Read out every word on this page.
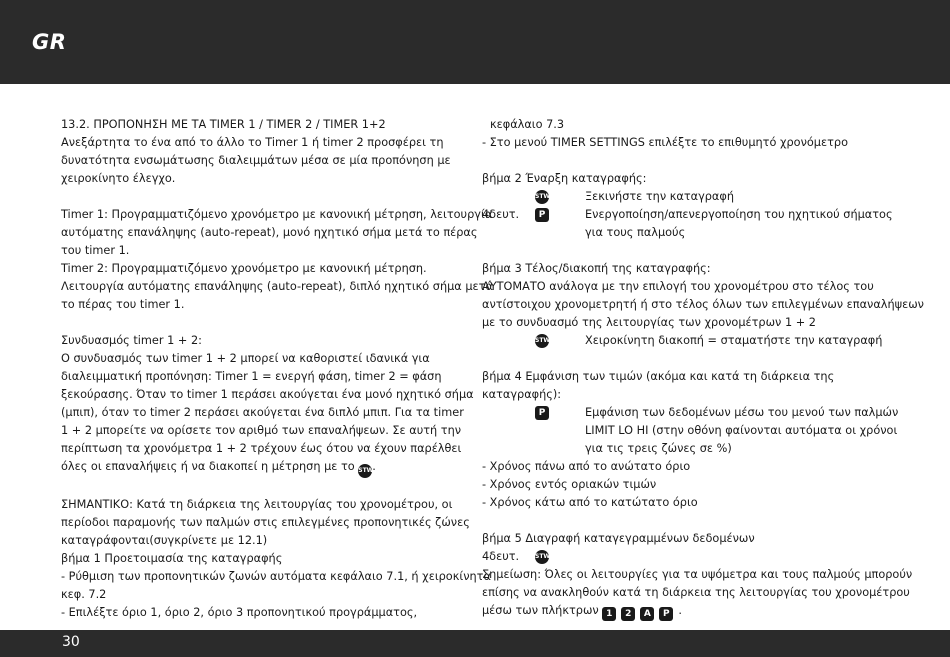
GR

13.2. ΠΡΟΠΟΝΗΣΗ ΜΕ ΤΑ TIMER 1 / TIMER 2 / TIMER 1+2

Ανεξάρτητα το ένα από το άλλο το Timer 1 ή timer 2 προσφέρει τη

δυνατότητα ενσωμάτωσης διαλειμμάτων μέσα σε μία προπόνηση με

χειροκίνητο έλεγχο.

Timer 1: Προγραμματιζόμενο χρονόμετρο με κανονική μέτρηση, λειτουργία

αυτόματης επανάληψης (auto-repeat), μονό ηχητικό σήμα μετά το πέρας

του timer 1.

Timer 2: Προγραμματιζόμενο χρονόμετρο με κανονική μέτρηση.

Λειτουργία αυτόματης επανάληψης (auto-repeat), διπλό ηχητικό σήμα μετά

το πέρας του timer 1.

Συνδυασμός timer 1 + 2:

Ο συνδυασμός των timer 1 + 2 μπορεί να καθοριστεί ιδανικά για

διαλειμματική προπόνηση: Timer 1 = ενεργή φάση, timer 2 = φάση

ξεκούρασης. Όταν το timer 1 περάσει ακούγεται ένα μονό ηχητικό σήμα

(μπιπ), όταν το timer 2 περάσει ακούγεται ένα διπλό μπιπ. Για τα timer

1 + 2 μπορείτε να ορίσετε τον αριθμό των επαναλήψεων. Σε αυτή την

περίπτωση τα χρονόμετρα 1 + 2 τρέχουν έως ότου να έχουν παρέλθει

όλες οι επαναλήψεις ή να διακοπεί η μέτρηση με το STW.

ΣΗΜΑΝΤΙΚΟ: Κατά τη διάρκεια της λειτουργίας του χρονομέτρου, οι

περίοδοι παραμονής των παλμών στις επιλεγμένες προπονητικές ζώνες

καταγράφονται(συγκρίνετε με 12.1)

βήμα 1 Προετοιμασία της καταγραφής

- Ρύθμιση των προπονητικών ζωνών αυτόματα κεφάλαιο 7.1, ή χειροκίνητα

κεφ. 7.2

- Επιλέξτε όριο 1, όριο 2, όριο 3 προπονητικού προγράμματος,

κεφάλαιο 7.3

- Στο μενού TIMER SETTINGS επιλέξτε το επιθυμητό χρονόμετρο

βήμα 2 Έναρξη καταγραφής:

STW	Ξεκινήστε την καταγραφή
4δευτ.	P	Ενεργοποίηση/απενεργοποίηση του ηχητικού σήματος

για τους παλμούς

βήμα 3 Τέλος/διακοπή της καταγραφής:

ΑΥΤΟΜΑΤΟ ανάλογα με την επιλογή του χρονομέτρου στο τέλος του

αντίστοιχου χρονομετρητή ή στο τέλος όλων των επιλεγμένων επαναλήψεων

με το συνδυασμό της λειτουργίας των χρονομέτρων 1 + 2

STW	Χειροκίνητη διακοπή = σταματήστε την καταγραφή

βήμα 4 Εμφάνιση των τιμών (ακόμα και κατά τη διάρκεια της

καταγραφής):

P	Εμφάνιση των δεδομένων μέσω του μενού των παλμών

LIMIT LO HI (στην οθόνη φαίνονται αυτόματα οι χρόνοι

για τις τρεις ζώνες σε %)

- Χρόνος πάνω από το ανώτατο όριο

- Χρόνος εντός οριακών τιμών

- Χρόνος κάτω από το κατώτατο όριο

βήμα 5 Διαγραφή καταγεγραμμένων δεδομένων

4δευτ.	STW

Σημείωση: Όλες οι λειτουργίες για τα υψόμετρα και τους παλμούς μπορούν

επίσης να ανακληθούν κατά τη διάρκεια της λειτουργίας του χρονομέτρου

μέσω των πλήκτρων 1 2 A P .

30
